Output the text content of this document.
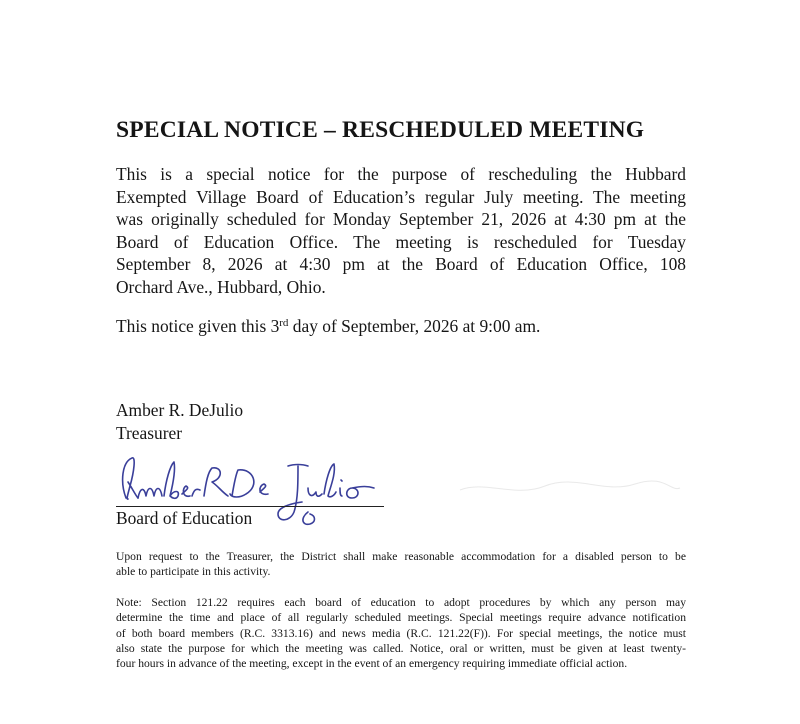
SPECIAL NOTICE – RESCHEDULED MEETING

This is a special notice for the purpose of rescheduling the Hubbard
Exempted Village Board of Education’s regular July meeting. The meeting
was originally scheduled for Monday September 21, 2026 at 4:30 pm at the
Board of Education Office. The meeting is rescheduled for Tuesday
September 8, 2026 at 4:30 pm at the Board of Education Office, 108
Orchard Ave., Hubbard, Ohio.

This notice given this 3rd day of September, 2026 at 9:00 am.

Amber R. DeJulio
Treasurer
Board of Education

Upon request to the Treasurer, the District shall make reasonable accommodation for a disabled person to be
able to participate in this activity.

Note: Section 121.22 requires each board of education to adopt procedures by which any person may
determine the time and place of all regularly scheduled meetings. Special meetings require advance notification
of both board members (R.C. 3313.16) and news media (R.C. 121.22(F)). For special meetings, the notice must
also state the purpose for which the meeting was called. Notice, oral or written, must be given at least twenty-
four hours in advance of the meeting, except in the event of an emergency requiring immediate official action.
